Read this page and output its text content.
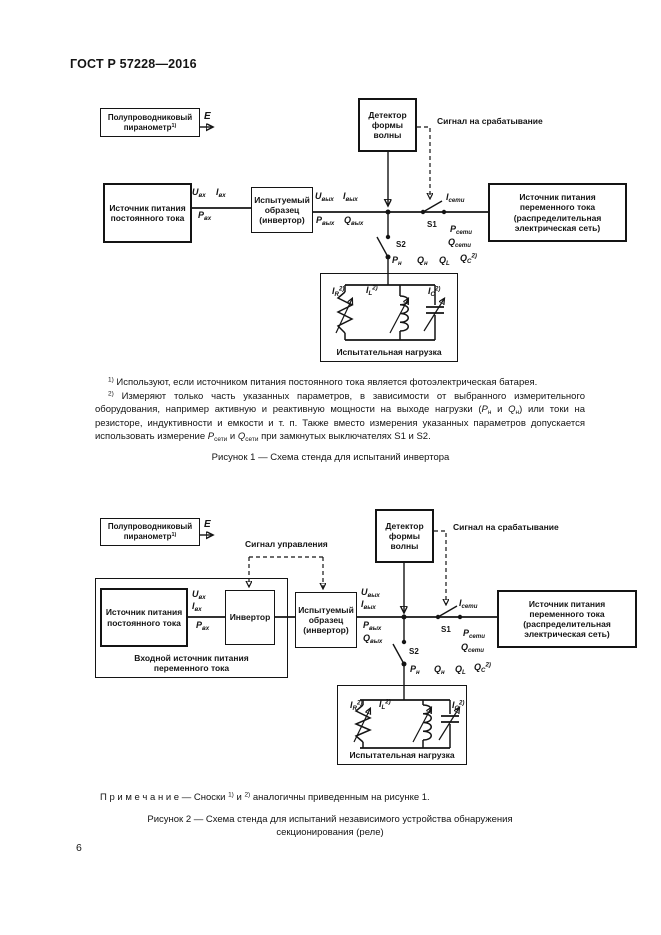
ГОСТ Р 57228—2016
Полупроводниковый пиранометр$^{1)}$
E	Детектор формы волны
Сигнал на срабатывание
Источник питания постоянного тока
Испытуемый образец (инвертор)
Источник питания переменного тока (распределительная электрическая сеть)
$U_{вх}$ $I_{вх}$
$P_{вх}$
$U_{вых}$ $I_{вых}$
$P_{вых}$ $Q_{вых}$
$I_{сети}$
S1 $P_{сети}$
$Q_{сети}$
S2
$P_н$ $Q_н$ $Q_L$
$Q_C^{2)}$
Испытательная нагрузка
$I_R^{2)}$ $I_L^{2)}$	$I_C^{2)}$

$^{1)}$ Используют, если источником питания постоянного тока является фотоэлектрическая батарея.

$^{2)}$ Измеряют только часть указанных параметров, в зависимости от выбранного измерительного оборудования, например активную и реактивную мощности на выходе нагрузки ($P_н$ и $Q_н$) или токи на резисторе, индуктивности и емкости и т. п. Также вместо измерения указанных параметров допускается использовать измерение $P_{сети}$ и $Q_{сети}$ при замкнутых выключателях S1 и S2.

Рисунок 1 — Схема стенда для испытаний инвертора
Полупроводниковый пиранометр$^{1)}$
E
Сигнал управления
Детектор формы волны
Сигнал на срабатывание
Входной источник питания переменного тока
Источник питания постоянного тока
Инвертор
Испытуемый образец (инвертор)
Источник питания переменного тока (распределительная электрическая сеть)
$U_{вх}$
$I_{вх}$
$P_{вх}$
$U_{вых}$
$I_{вых}$
$P_{вых}$
$Q_{вых}$
$I_{сети}$
S1 $P_{сети}$
$Q_{сети}$
S2
$P_н$ $Q_н$ $Q_L$
$Q_C^{2)}$
Испытательная нагрузка
$I_R^{2)}$ $I_L^{2)}$	$I_C^{2)}$
П р и м е ч а н и е — Сноски $^{1)}$ и $^{2)}$ аналогичны приведенным на рисунке 1.
Рисунок 2 — Схема стенда для испытаний независимого устройства обнаружения секционирования (реле)
6
